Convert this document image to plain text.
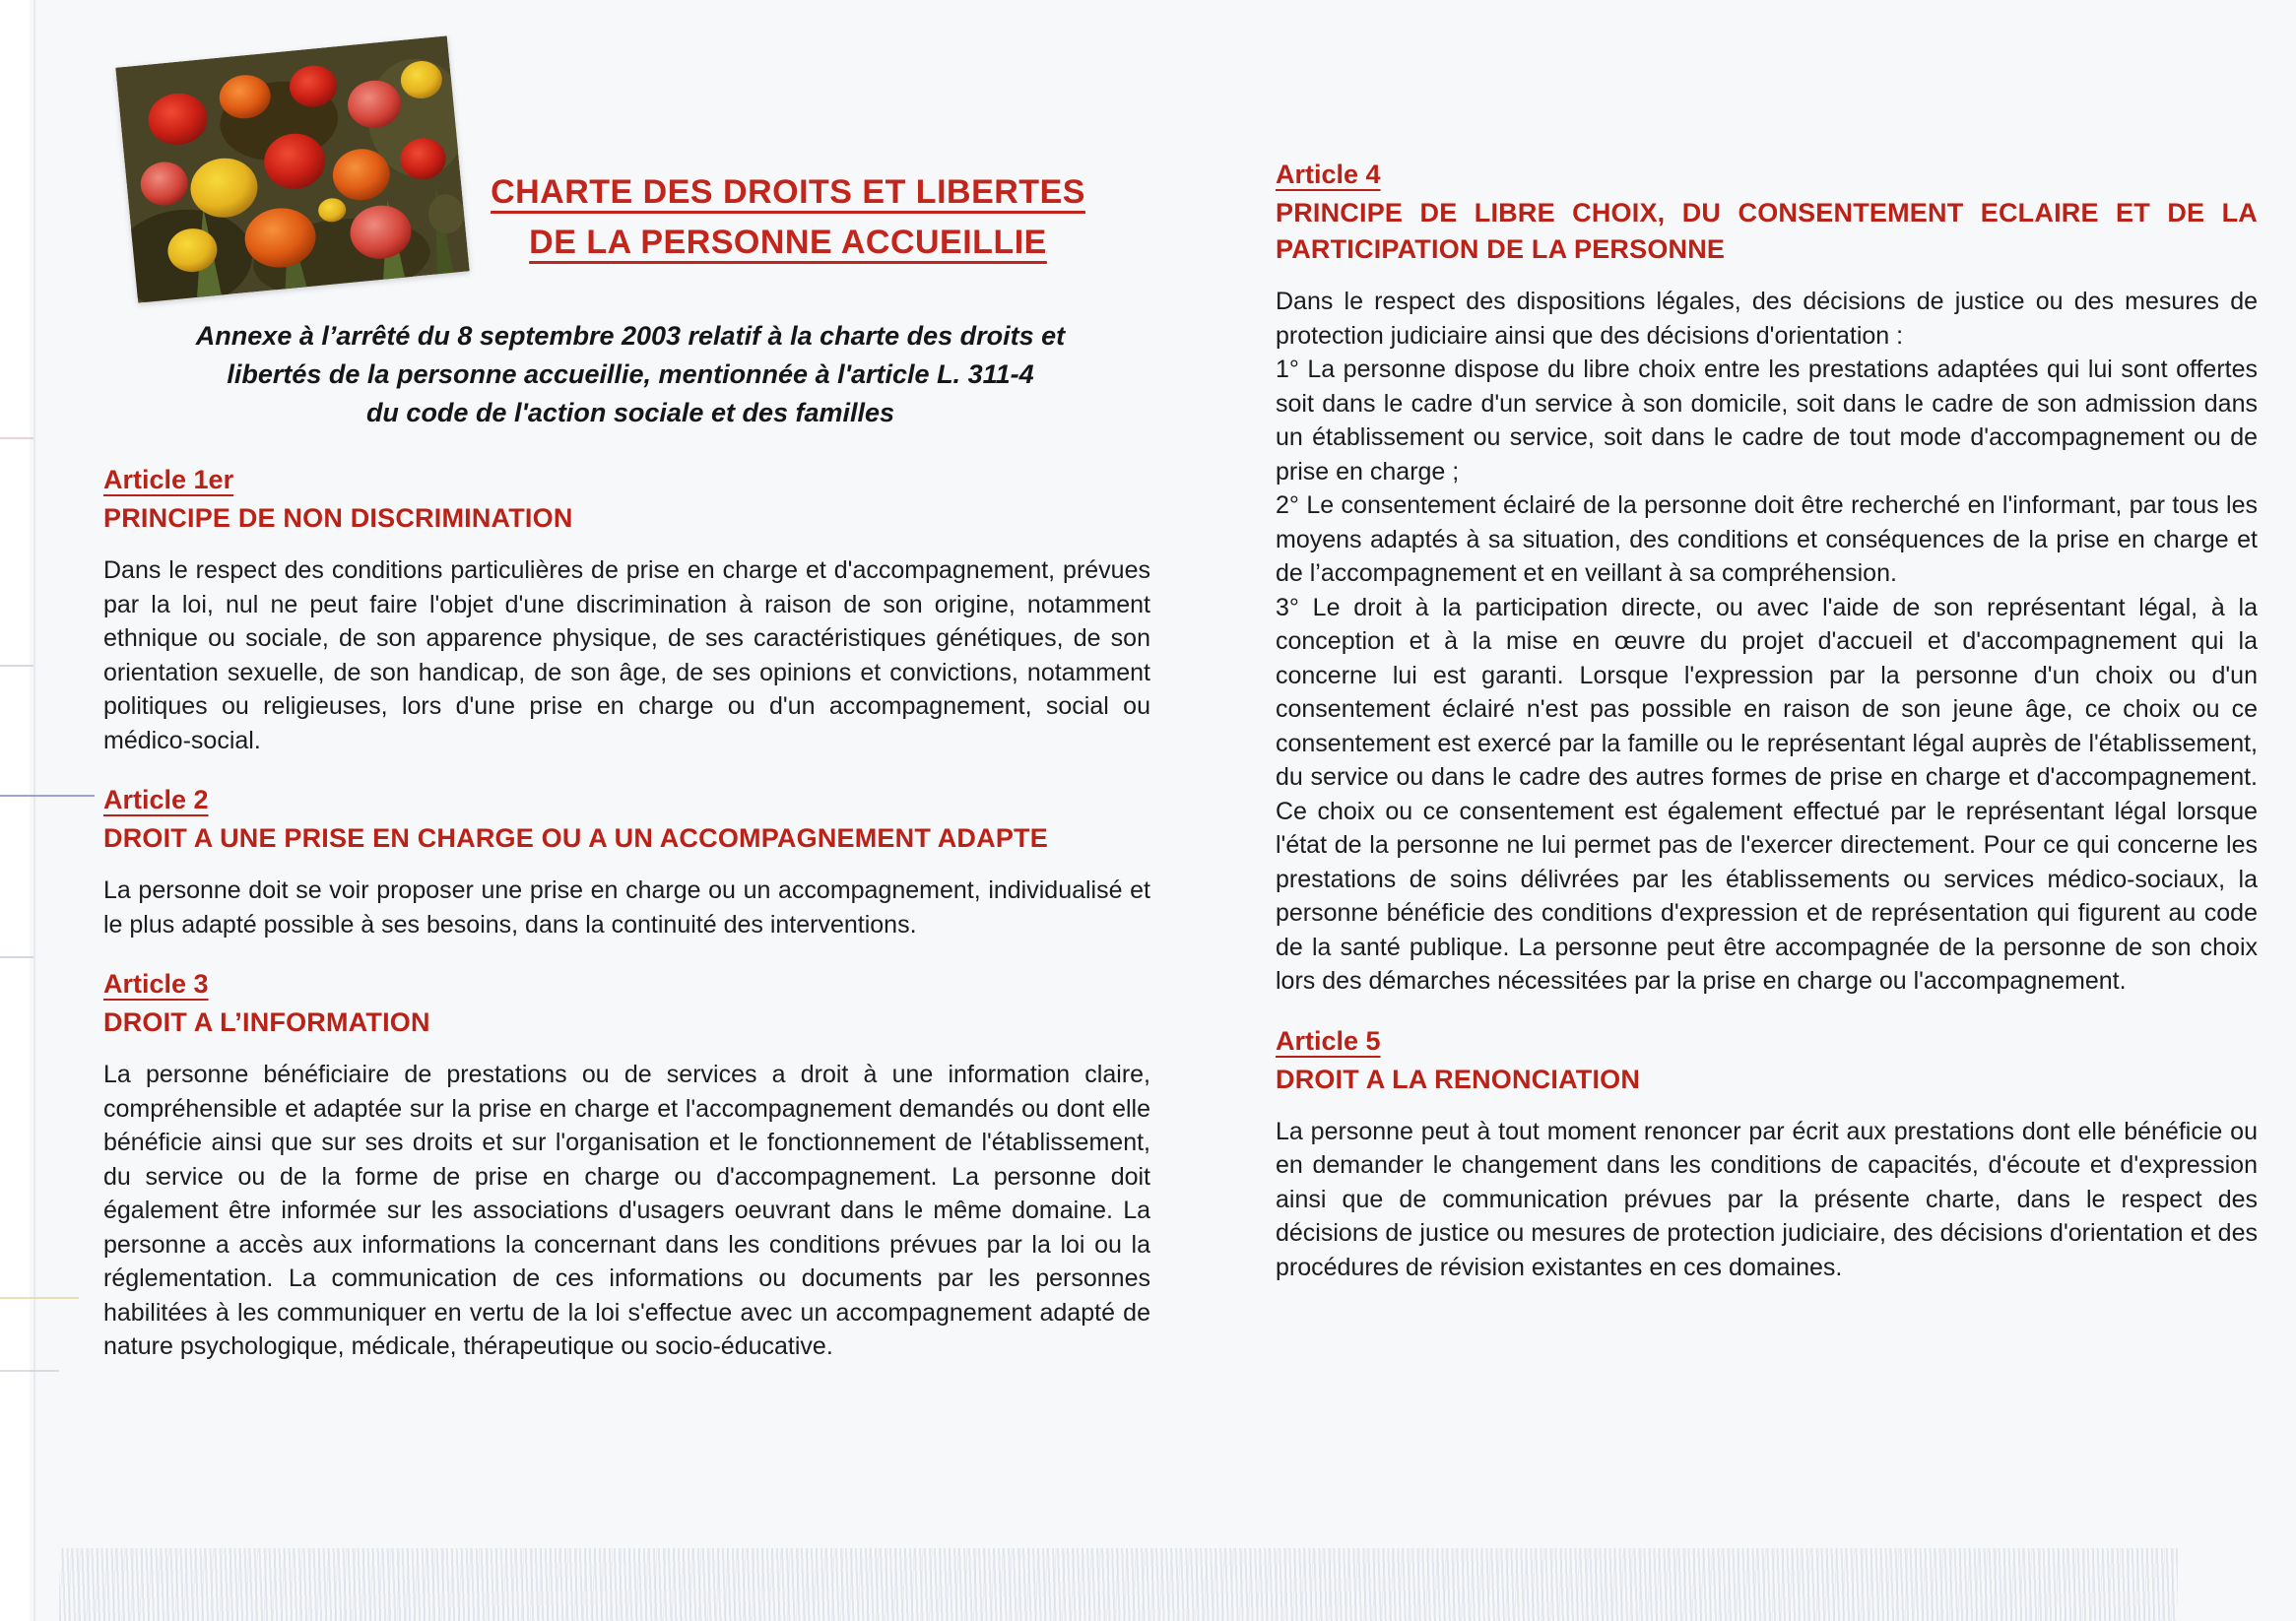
CHARTE DES DROITS ET LIBERTES
DE LA PERSONNE ACCUEILLIE
Annexe à l’arrêté du 8 septembre 2003 relatif à la charte des droits et
libertés de la personne accueillie, mentionnée à l'article L. 311-4
du code de l'action sociale et des familles
Article 1er
PRINCIPE DE NON DISCRIMINATION

Dans le respect des conditions particulières de prise en charge et d'accompagnement, prévues par la loi, nul ne peut faire l'objet d'une discrimination à raison de son origine, notamment ethnique ou sociale, de son apparence physique, de ses caractéristiques génétiques, de son orientation sexuelle, de son handicap, de son âge, de ses opinions et convictions, notamment politiques ou religieuses, lors d'une prise en charge ou d'un accompagnement, social ou médico-social.

Article 2
DROIT A UNE PRISE EN CHARGE OU A UN ACCOMPAGNEMENT ADAPTE

La personne doit se voir proposer une prise en charge ou un accompagnement, individualisé et le plus adapté possible à ses besoins, dans la continuité des interventions.

Article 3
DROIT A L’INFORMATION

La personne bénéficiaire de prestations ou de services a droit à une information claire, compréhensible et adaptée sur la prise en charge et l'accompagnement demandés ou dont elle bénéficie ainsi que sur ses droits et sur l'organisation et le fonctionnement de l'établissement, du service ou de la forme de prise en charge ou d'accompagnement. La personne doit également être informée sur les associations d'usagers oeuvrant dans le même domaine. La personne a accès aux informations la concernant dans les conditions prévues par la loi ou la réglementation. La communication de ces informations ou documents par les personnes habilitées à les communiquer en vertu de la loi s'effectue avec un accompagnement adapté de nature psychologique, médicale, thérapeutique ou socio-éducative.

Article 4
PRINCIPE DE LIBRE CHOIX, DU CONSENTEMENT ECLAIRE ET DE LA PARTICIPATION DE LA PERSONNE

Dans le respect des dispositions légales, des décisions de justice ou des mesures de protection judiciaire ainsi que des décisions d'orientation :

1° La personne dispose du libre choix entre les prestations adaptées qui lui sont offertes soit dans le cadre d'un service à son domicile, soit dans le cadre de son admission dans un établissement ou service, soit dans le cadre de tout mode d'accompagnement ou de prise en charge ;

2° Le consentement éclairé de la personne doit être recherché en l'informant, par tous les moyens adaptés à sa situation, des conditions et conséquences de la prise en charge et de l’accompagnement et en veillant à sa compréhension.

3° Le droit à la participation directe, ou avec l'aide de son représentant légal, à la conception et à la mise en œuvre du projet d'accueil et d'accompagnement qui la concerne lui est garanti. Lorsque l'expression par la personne d'un choix ou d'un consentement éclairé n'est pas possible en raison de son jeune âge, ce choix ou ce consentement est exercé par la famille ou le représentant légal auprès de l'établissement, du service ou dans le cadre des autres formes de prise en charge et d'accompagnement. Ce choix ou ce consentement est également effectué par le représentant légal lorsque l'état de la personne ne lui permet pas de l'exercer directement. Pour ce qui concerne les prestations de soins délivrées par les établissements ou services médico-sociaux, la personne bénéficie des conditions d'expression et de représentation qui figurent au code de la santé publique. La personne peut être accompagnée de la personne de son choix lors des démarches nécessitées par la prise en charge ou l'accompagnement.

Article 5
DROIT A LA RENONCIATION

La personne peut à tout moment renoncer par écrit aux prestations dont elle bénéficie ou en demander le changement dans les conditions de capacités, d'écoute et d'expression ainsi que de communication prévues par la présente charte, dans le respect des décisions de justice ou mesures de protection judiciaire, des décisions d'orientation et des procédures de révision existantes en ces domaines.
